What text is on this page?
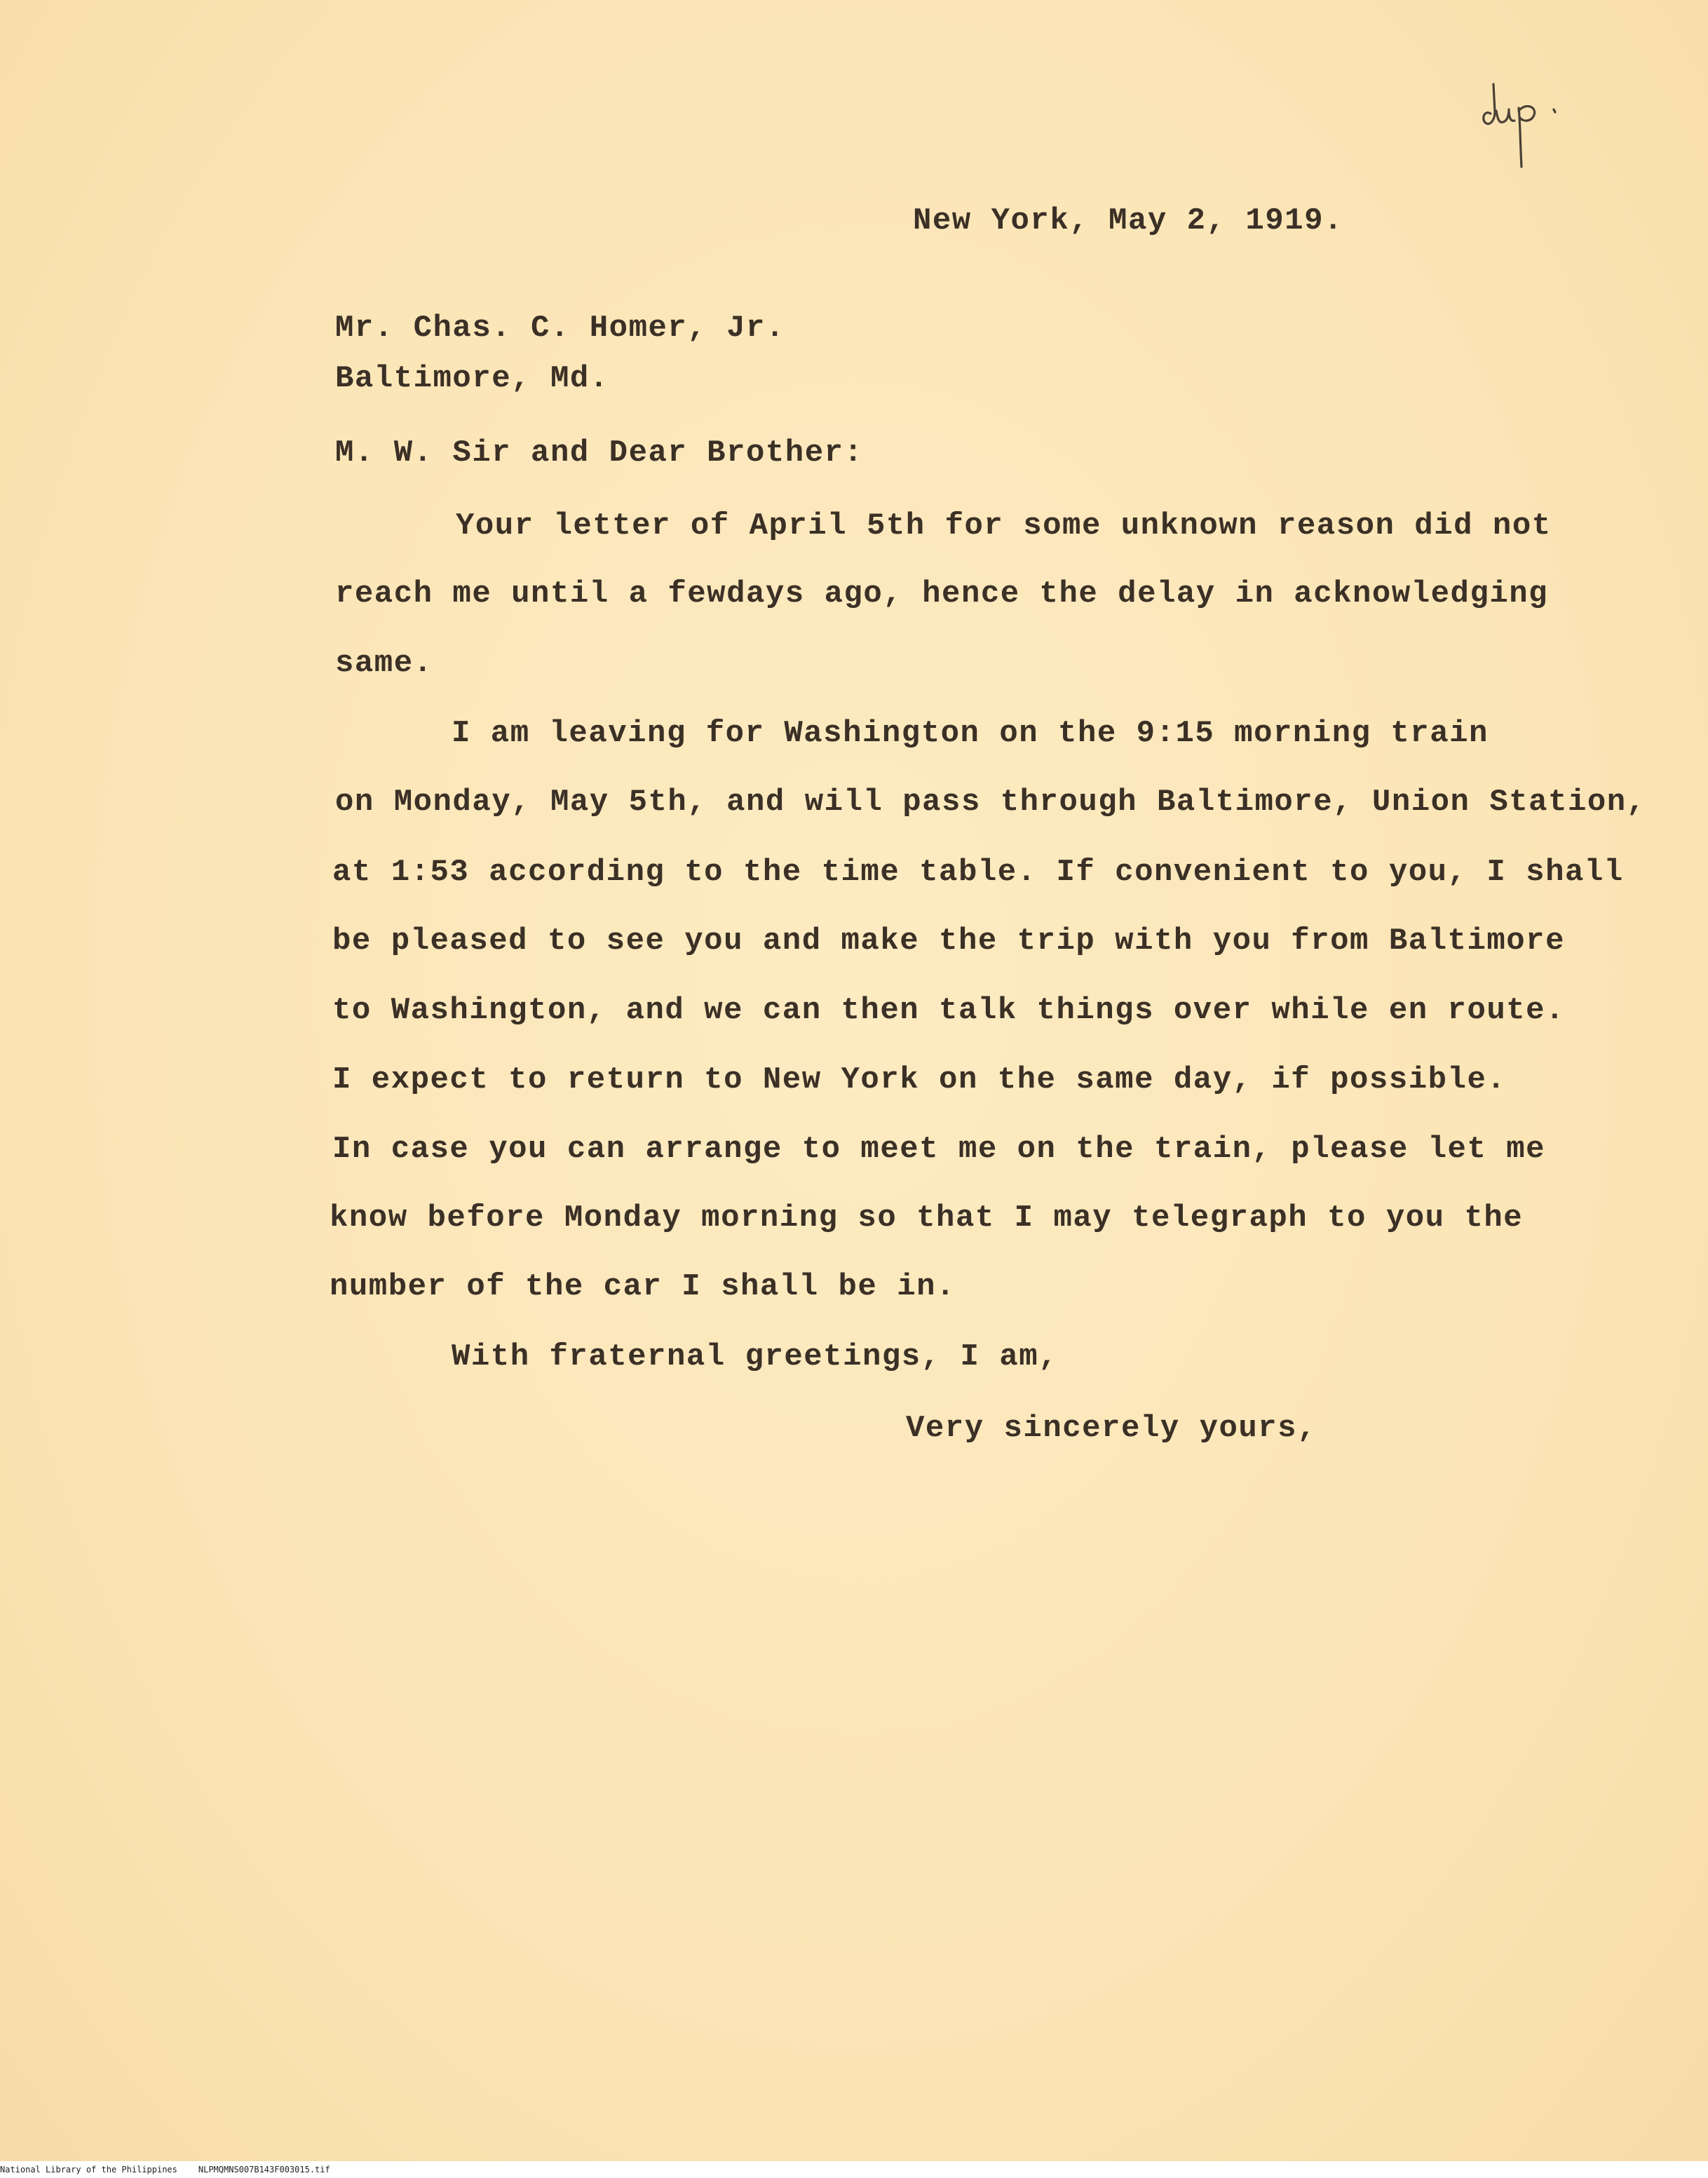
New York, May 2, 1919.
Mr. Chas. C. Homer, Jr.
Baltimore, Md.
M. W. Sir and Dear Brother:
Your letter of April 5th for some unknown reason did not
reach me until a fewdays ago, hence the delay in acknowledging
same.
I am leaving for Washington on the 9:15 morning train
on Monday, May 5th, and will pass through Baltimore, Union Station,
at 1:53 according to the time table. If convenient to you, I shall
be pleased to see you and make the trip with you from Baltimore
to Washington, and we can then talk things over while en route.
I expect to return to New York on the same day, if possible.
In case you can arrange to meet me on the train, please let me
know before Monday morning so that I may telegraph to you the
number of the car I shall be in.
With fraternal greetings, I am,
Very sincerely yours,
National Library of the Philippines	NLPMQMNS007B143F003015.tif
